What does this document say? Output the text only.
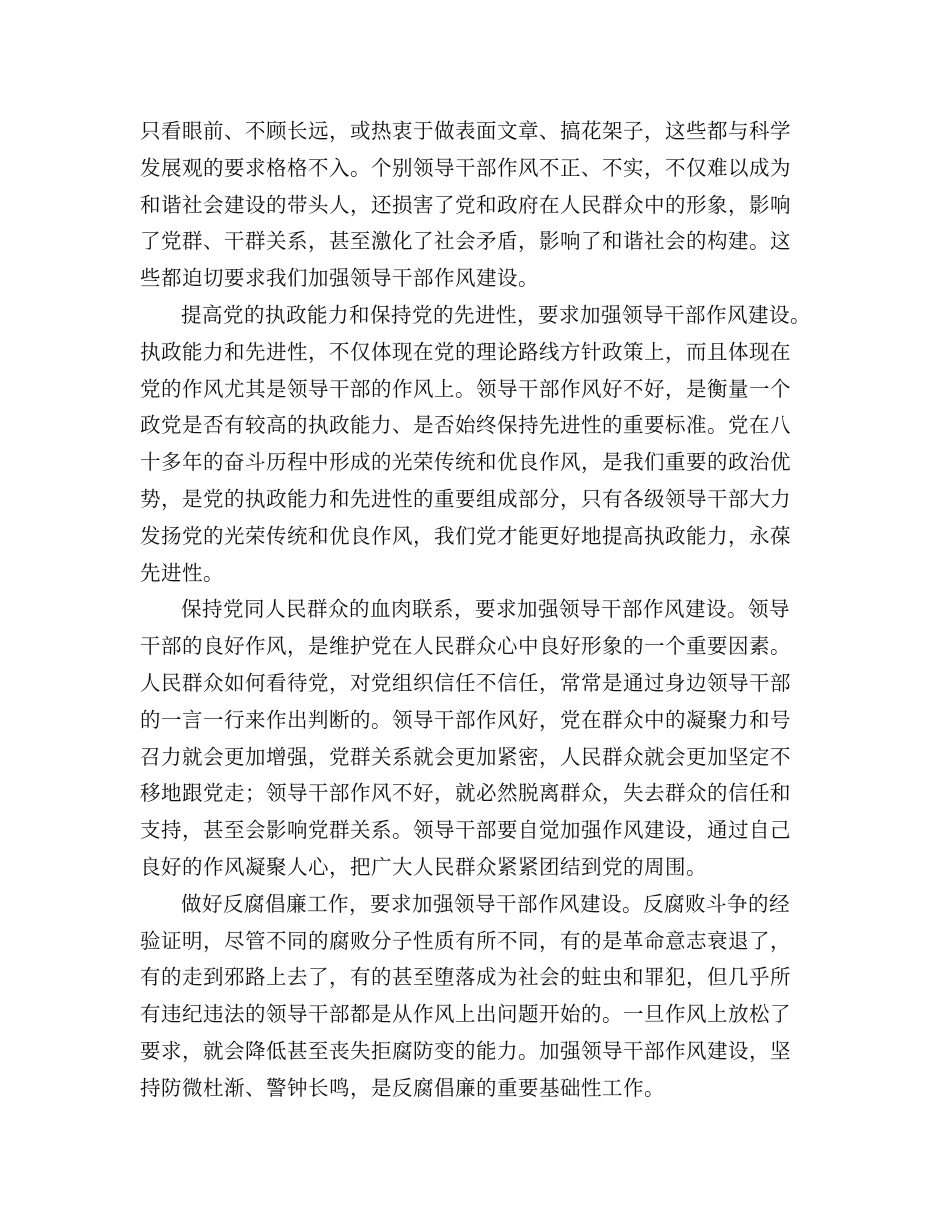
只看眼前、不顾长远，或热衷于做表面文章、搞花架子，这些都与科学
发展观的要求格格不入。个别领导干部作风不正、不实，不仅难以成为
和谐社会建设的带头人，还损害了党和政府在人民群众中的形象，影响
了党群、干群关系，甚至激化了社会矛盾，影响了和谐社会的构建。这
些都迫切要求我们加强领导干部作风建设。

提高党的执政能力和保持党的先进性，要求加强领导干部作风建设。
执政能力和先进性，不仅体现在党的理论路线方针政策上，而且体现在
党的作风尤其是领导干部的作风上。领导干部作风好不好，是衡量一个
政党是否有较高的执政能力、是否始终保持先进性的重要标准。党在八
十多年的奋斗历程中形成的光荣传统和优良作风，是我们重要的政治优
势，是党的执政能力和先进性的重要组成部分，只有各级领导干部大力
发扬党的光荣传统和优良作风，我们党才能更好地提高执政能力，永葆
先进性。

保持党同人民群众的血肉联系，要求加强领导干部作风建设。领导
干部的良好作风，是维护党在人民群众心中良好形象的一个重要因素。
人民群众如何看待党，对党组织信任不信任，常常是通过身边领导干部
的一言一行来作出判断的。领导干部作风好，党在群众中的凝聚力和号
召力就会更加增强，党群关系就会更加紧密，人民群众就会更加坚定不
移地跟党走；领导干部作风不好，就必然脱离群众，失去群众的信任和
支持，甚至会影响党群关系。领导干部要自觉加强作风建设，通过自己
良好的作风凝聚人心，把广大人民群众紧紧团结到党的周围。

做好反腐倡廉工作，要求加强领导干部作风建设。反腐败斗争的经
验证明，尽管不同的腐败分子性质有所不同，有的是革命意志衰退了，
有的走到邪路上去了，有的甚至堕落成为社会的蛀虫和罪犯，但几乎所
有违纪违法的领导干部都是从作风上出问题开始的。一旦作风上放松了
要求，就会降低甚至丧失拒腐防变的能力。加强领导干部作风建设，坚
持防微杜渐、警钟长鸣，是反腐倡廉的重要基础性工作。
